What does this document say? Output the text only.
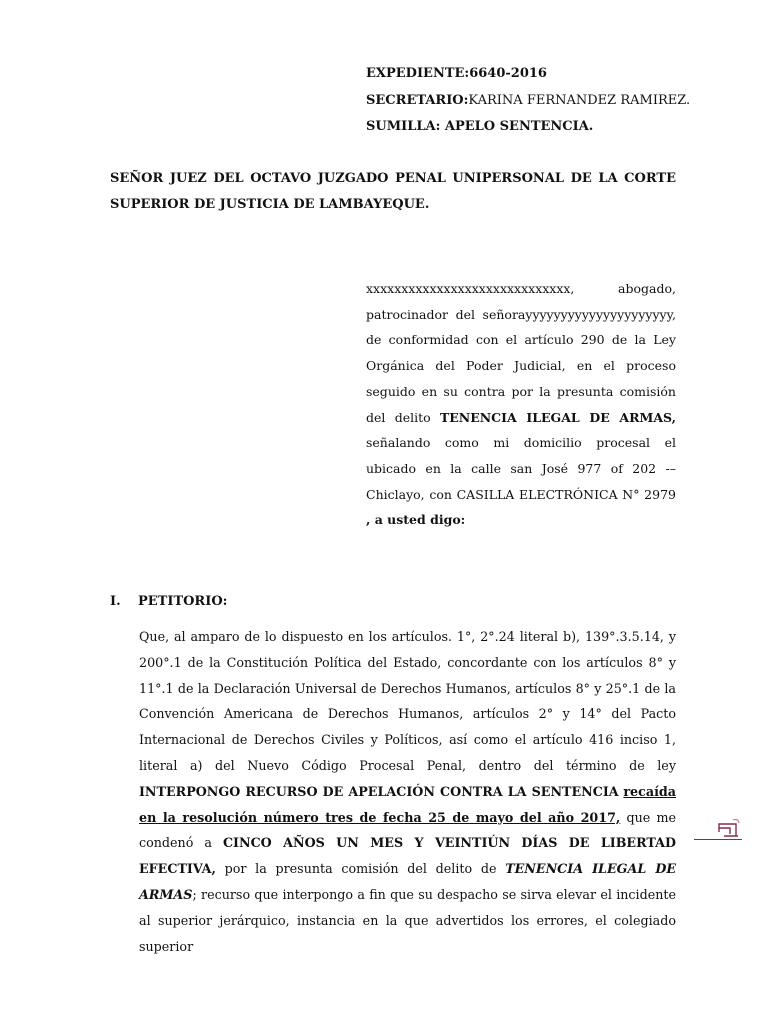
EXPEDIENTE:6640-2016
SECRETARIO:KARINA FERNANDEZ RAMIREZ.
SUMILLA: APELO SENTENCIA.
SEÑOR JUEZ DEL OCTAVO JUZGADO PENAL UNIPERSONAL DE LA CORTE SUPERIOR DE JUSTICIA DE LAMBAYEQUE.
xxxxxxxxxxxxxxxxxxxxxxxxxxxxx, abogado, patrocinador del señorayyyyyyyyyyyyyyyyyyyyy, de conformidad con el artículo 290 de la Ley Orgánica del Poder Judicial, en el proceso seguido en su contra por la presunta comisión del delito TENENCIA ILEGAL DE ARMAS, señalando como mi domicilio procesal el ubicado en la calle san José 977 of 202 -– Chiclayo, con CASILLA ELECTRÓNICA N° 2979 , a usted digo:
I. PETITORIO:
Que, al amparo de lo dispuesto en los artículos. 1°, 2°.24 literal b), 139°.3.5.14, y 200°.1 de la Constitución Política del Estado, concordante con los artículos 8° y 11°.1 de la Declaración Universal de Derechos Humanos, artículos 8° y 25°.1 de la Convención Americana de Derechos Humanos, artículos 2° y 14° del Pacto Internacional de Derechos Civiles y Políticos, así como el artículo 416 inciso 1, literal a) del Nuevo Código Procesal Penal, dentro del término de ley INTERPONGO RECURSO DE APELACIÓN CONTRA LA SENTENCIA recaída en la resolución número tres de fecha 25 de mayo del año 2017, que me condenó a CINCO AÑOS UN MES Y VEINTIÚN DÍAS DE LIBERTAD EFECTIVA, por la presunta comisión del delito de TENENCIA ILEGAL DE ARMAS; recurso que interpongo a fin que su despacho se sirva elevar el incidente al superior jerárquico, instancia en la que advertidos los errores, el colegiado superior
